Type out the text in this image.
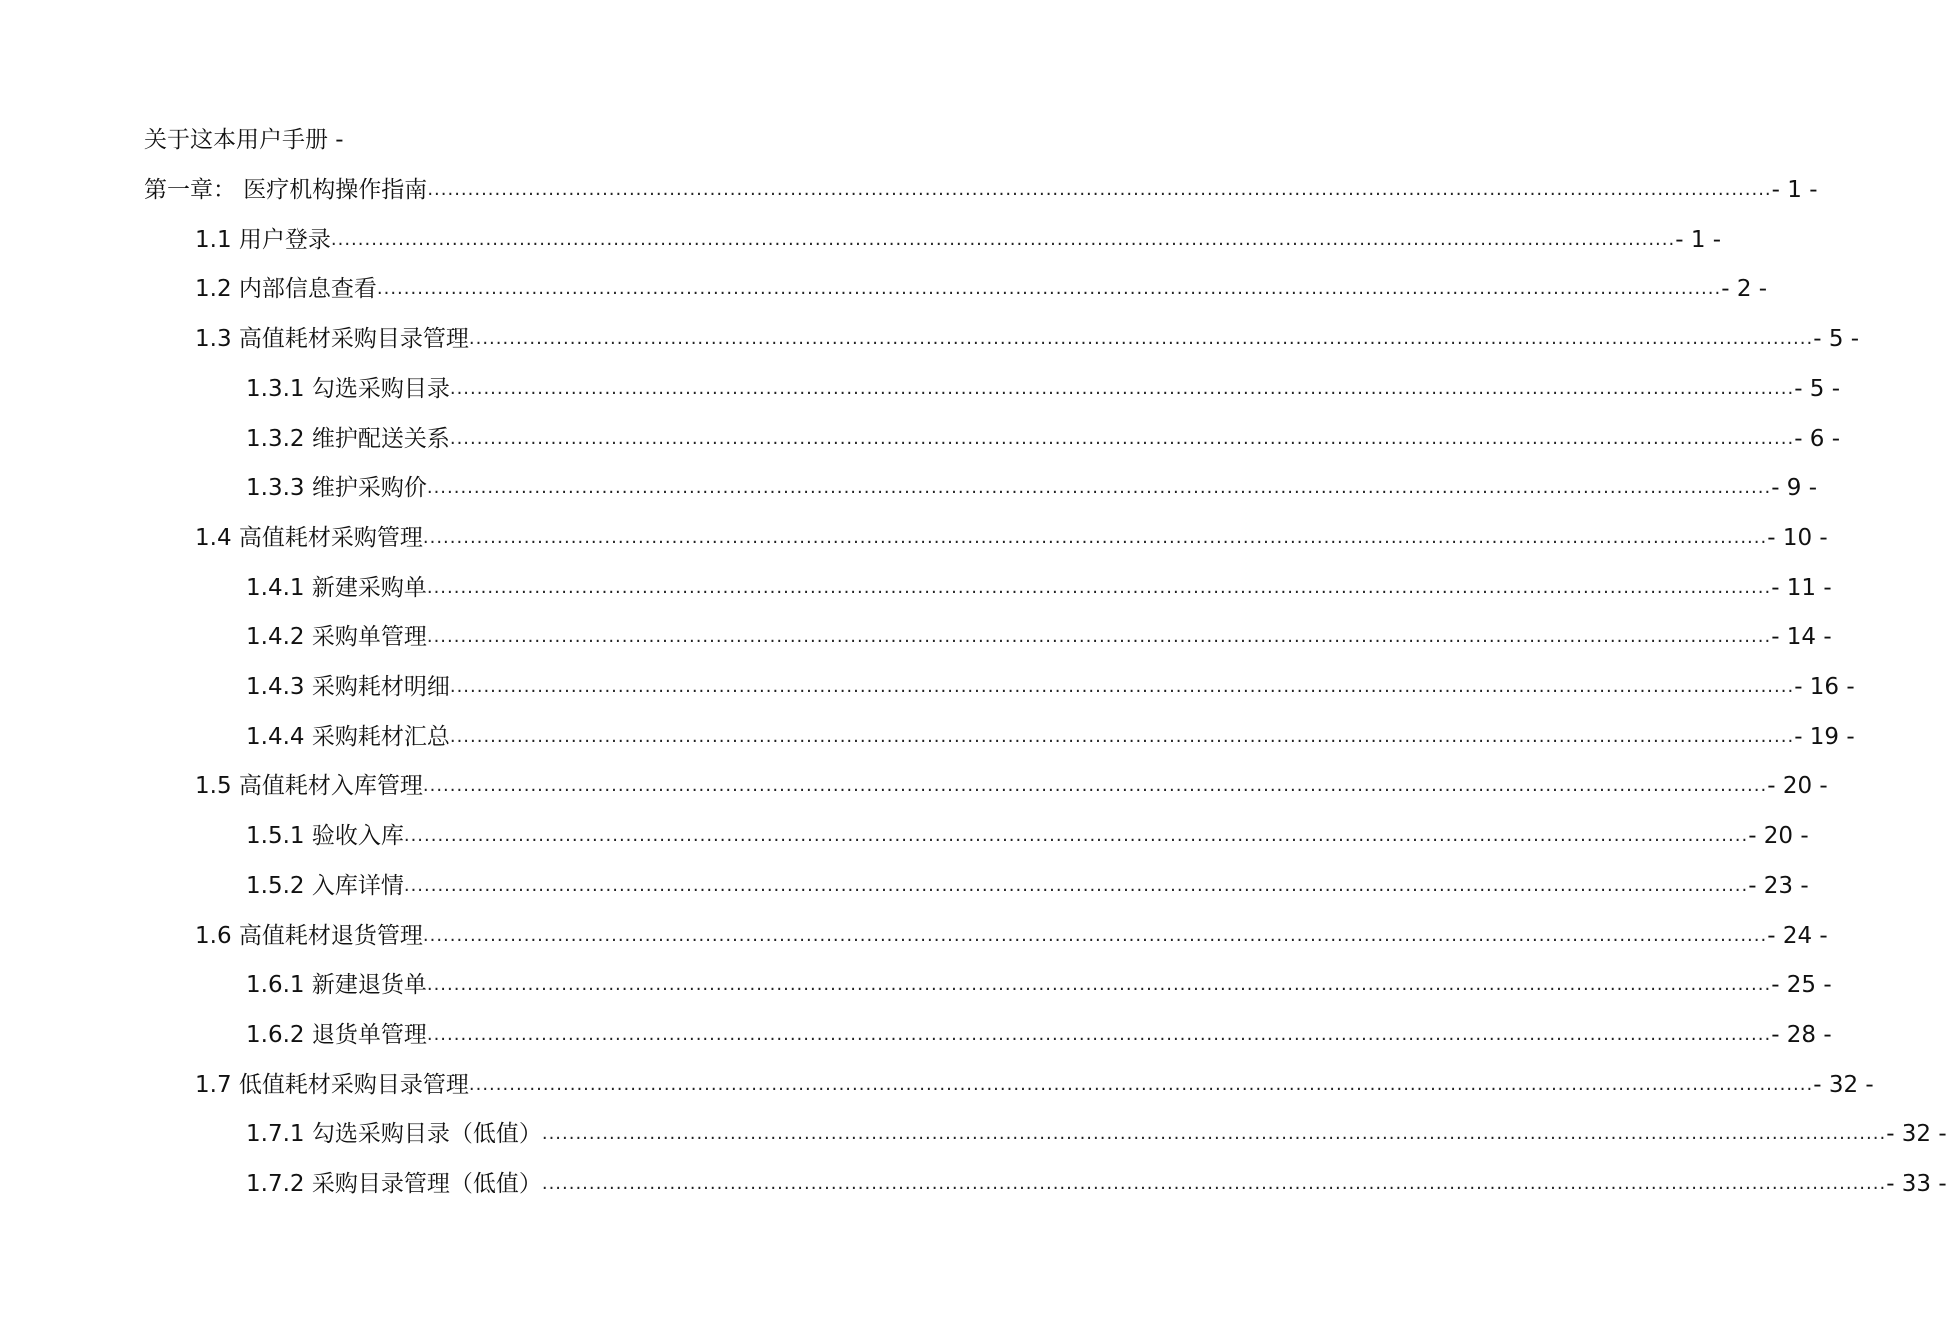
关于这本用户手册 -
第一章： 医疗机构操作指南 ........................................................................................................................................................................................................ - 1 -
1.1 用户登录 ........................................................................................................................................................................................................ - 1 -
1.2 内部信息查看 ........................................................................................................................................................................................................ - 2 -
1.3 高值耗材采购目录管理 ........................................................................................................................................................................................................ - 5 -
1.3.1 勾选采购目录 ........................................................................................................................................................................................................ - 5 -
1.3.2 维护配送关系 ........................................................................................................................................................................................................ - 6 -
1.3.3 维护采购价 ........................................................................................................................................................................................................ - 9 -
1.4 高值耗材采购管理 ........................................................................................................................................................................................................ - 10 -
1.4.1 新建采购单 ........................................................................................................................................................................................................ - 11 -
1.4.2 采购单管理 ........................................................................................................................................................................................................ - 14 -
1.4.3 采购耗材明细 ........................................................................................................................................................................................................ - 16 -
1.4.4 采购耗材汇总 ........................................................................................................................................................................................................ - 19 -
1.5 高值耗材入库管理 ........................................................................................................................................................................................................ - 20 -
1.5.1 验收入库 ........................................................................................................................................................................................................ - 20 -
1.5.2 入库详情 ........................................................................................................................................................................................................ - 23 -
1.6 高值耗材退货管理 ........................................................................................................................................................................................................ - 24 -
1.6.1 新建退货单 ........................................................................................................................................................................................................ - 25 -
1.6.2 退货单管理 ........................................................................................................................................................................................................ - 28 -
1.7 低值耗材采购目录管理 ........................................................................................................................................................................................................ - 32 -
1.7.1 勾选采购目录（低值） ........................................................................................................................................................................................................ - 32 -
1.7.2 采购目录管理（低值） ........................................................................................................................................................................................................ - 33 -
